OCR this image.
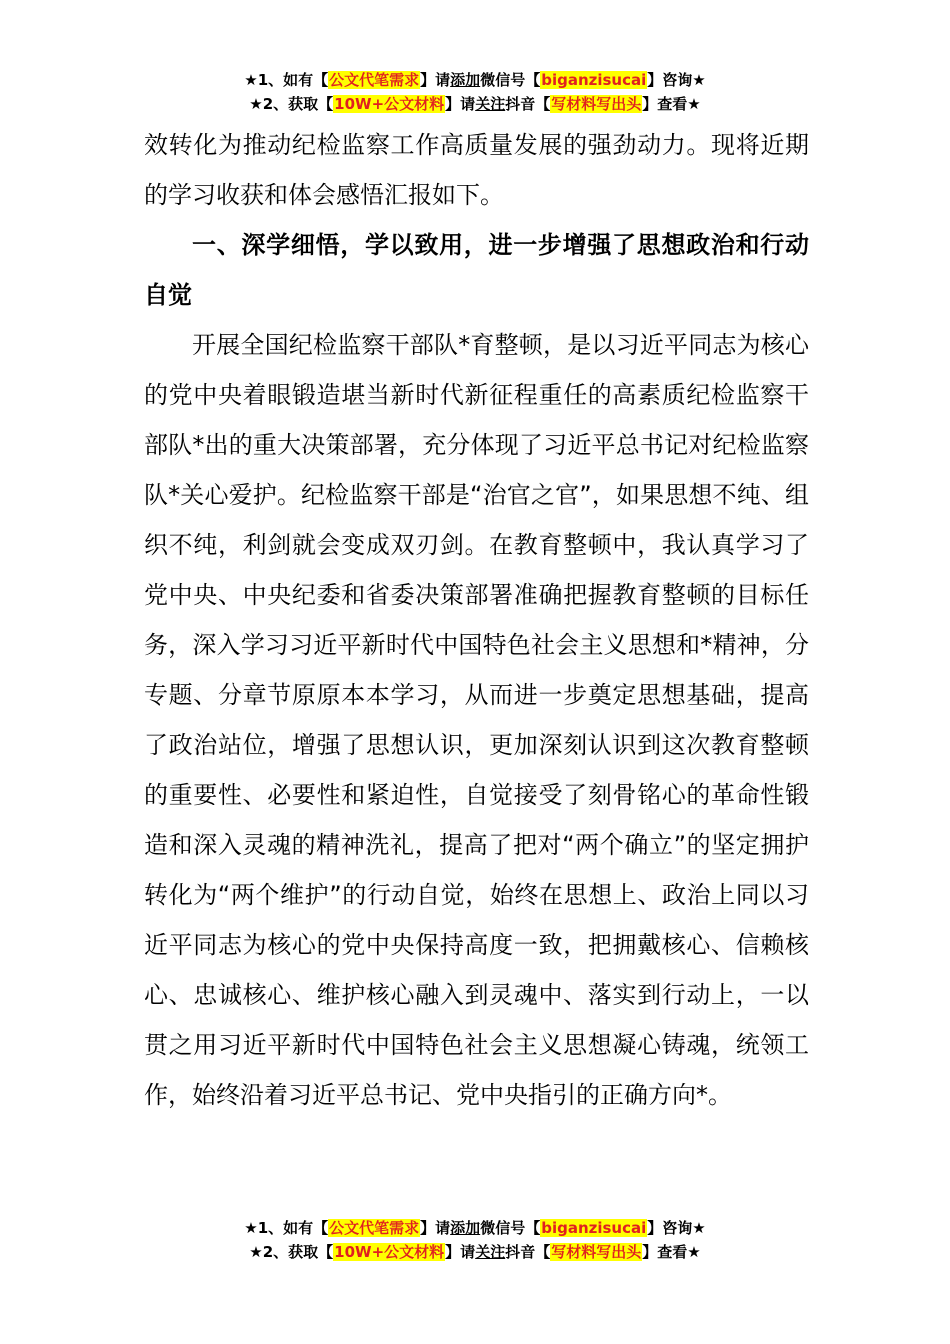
★1、如有【公文代笔需求】请添加微信号【biganzisucai】咨询★
★2、获取【10W+公文材料】请关注抖音【写材料写出头】查看★

效转化为推动纪检监察工作高质量发展的强劲动力。现将近期的学习收获和体会感悟汇报如下。

一、深学细悟，学以致用，进一步增强了思想政治和行动自觉

开展全国纪检监察干部队*育整顿，是以习近平同志为核心的党中央着眼锻造堪当新时代新征程重任的高素质纪检监察干部队*出的重大决策部署，充分体现了习近平总书记对纪检监察队*关心爱护。纪检监察干部是“治官之官”，如果思想不纯、组织不纯，利剑就会变成双刃剑。在教育整顿中，我认真学习了党中央、中央纪委和省委决策部署准确把握教育整顿的目标任务，深入学习习近平新时代中国特色社会主义思想和*精神，分专题、分章节原原本本学习，从而进一步奠定思想基础，提高了政治站位，增强了思想认识，更加深刻认识到这次教育整顿的重要性、必要性和紧迫性，自觉接受了刻骨铭心的革命性锻造和深入灵魂的精神洗礼，提高了把对“两个确立”的坚定拥护转化为“两个维护”的行动自觉，始终在思想上、政治上同以习近平同志为核心的党中央保持高度一致，把拥戴核心、信赖核心、忠诚核心、维护核心融入到灵魂中、落实到行动上，一以贯之用习近平新时代中国特色社会主义思想凝心铸魂，统领工作，始终沿着习近平总书记、党中央指引的正确方向*。

★1、如有【公文代笔需求】请添加微信号【biganzisucai】咨询★
★2、获取【10W+公文材料】请关注抖音【写材料写出头】查看★
